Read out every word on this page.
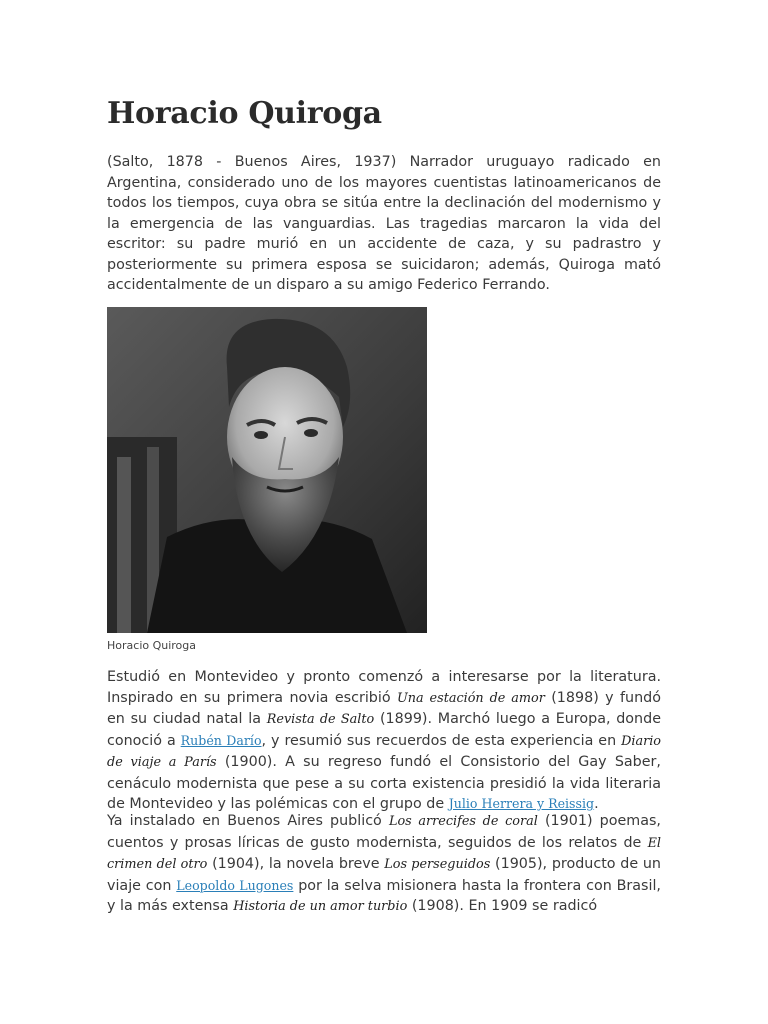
Horacio Quiroga

(Salto, 1878 - Buenos Aires, 1937) Narrador uruguayo radicado en Argentina, considerado uno de los mayores cuentistas latinoamericanos de todos los tiempos, cuya obra se sitúa entre la declinación del modernismo y la emergencia de las vanguardias. Las tragedias marcaron la vida del escritor: su padre murió en un accidente de caza, y su padrastro y posteriormente su primera esposa se suicidaron; además, Quiroga mató accidentalmente de un disparo a su amigo Federico Ferrando.

Estudió en Montevideo y pronto comenzó a interesarse por la literatura. Inspirado en su primera novia escribió Una estación de amor (1898) y fundó en su ciudad natal la Revista de Salto (1899). Marchó luego a Europa, donde conoció a Rubén Darío, y resumió sus recuerdos de esta experiencia en Diario de viaje a París (1900). A su regreso fundó el Consistorio del Gay Saber, cenáculo modernista que pese a su corta existencia presidió la vida literaria de Montevideo y las polémicas con el grupo de Julio Herrera y Reissig.

Ya instalado en Buenos Aires publicó Los arrecifes de coral (1901) poemas, cuentos y prosas líricas de gusto modernista, seguidos de los relatos de El crimen del otro (1904), la novela breve Los perseguidos (1905), producto de un viaje con Leopoldo Lugones por la selva misionera hasta la frontera con Brasil, y la más extensa Historia de un amor turbio (1908). En 1909 se radicó

Horacio Quiroga
